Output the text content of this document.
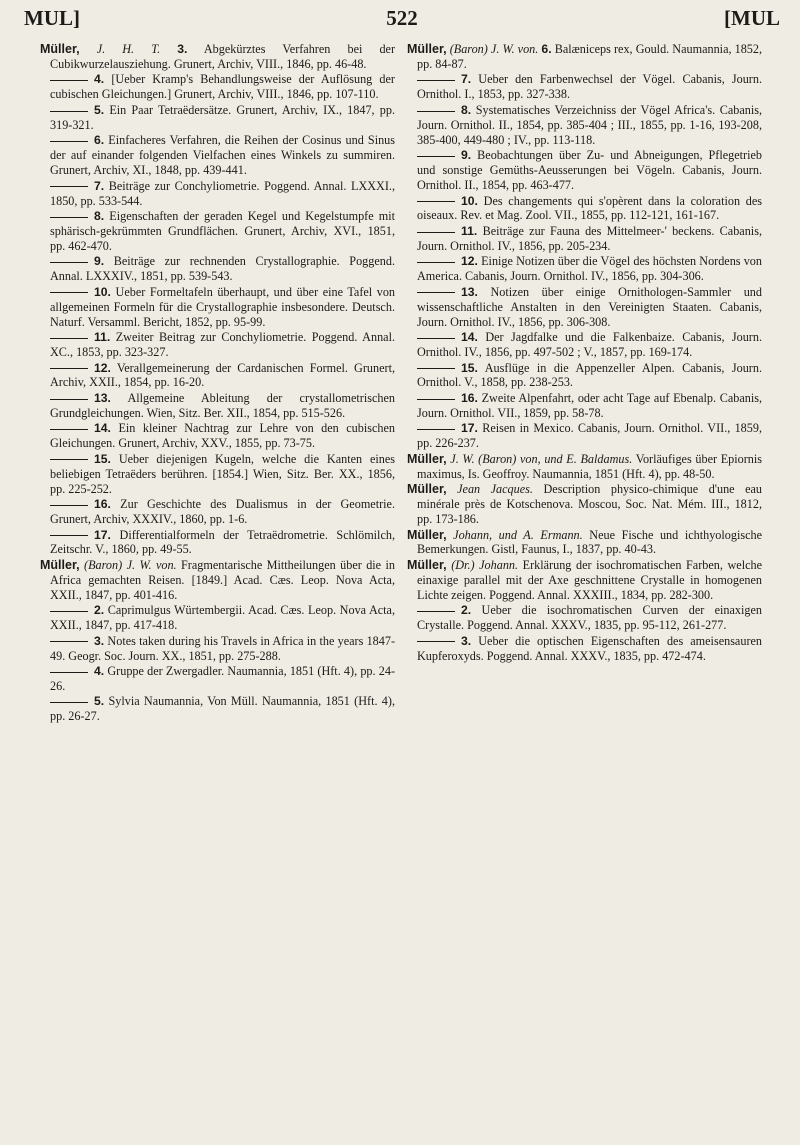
MUL]	522	[MUL
Müller, J. H. T. 3. Abgekürztes Verfahren bei der Cubikwurzelausziehung. Grunert, Archiv, VIII., 1846, pp. 46-48.
4. [Ueber Kramp's Behandlungsweise der Auflösung der cubischen Gleichungen.] Grunert, Archiv, VIII., 1846, pp. 107-110.
5. Ein Paar Tetraëdersätze. Grunert, Archiv, IX., 1847, pp. 319-321.
6. Einfacheres Verfahren, die Reihen der Cosinus und Sinus der auf einander folgenden Vielfachen eines Winkels zu summiren. Grunert, Archiv, XI., 1848, pp. 439-441.
7. Beiträge zur Conchyliometrie. Poggend. Annal. LXXXI., 1850, pp. 533-544.
8. Eigenschaften der geraden Kegel und Kegelstumpfe mit sphärisch-gekrümmten Grundflächen. Grunert, Archiv, XVI., 1851, pp. 462-470.
9. Beiträge zur rechnenden Crystallographie. Poggend. Annal. LXXXIV., 1851, pp. 539-543.
10. Ueber Formeltafeln überhaupt, und über eine Tafel von allgemeinen Formeln für die Crystallographie insbesondere. Deutsch. Naturf. Versamml. Bericht, 1852, pp. 95-99.
11. Zweiter Beitrag zur Conchyliometrie. Poggend. Annal. XC., 1853, pp. 323-327.
12. Verallgemeinerung der Cardanischen Formel. Grunert, Archiv, XXII., 1854, pp. 16-20.
13. Allgemeine Ableitung der crystallometrischen Grundgleichungen. Wien, Sitz. Ber. XII., 1854, pp. 515-526.
14. Ein kleiner Nachtrag zur Lehre von den cubischen Gleichungen. Grunert, Archiv, XXV., 1855, pp. 73-75.
15. Ueber diejenigen Kugeln, welche die Kanten eines beliebigen Tetraëders berühren. [1854.] Wien, Sitz. Ber. XX., 1856, pp. 225-252.
16. Zur Geschichte des Dualismus in der Geometrie. Grunert, Archiv, XXXIV., 1860, pp. 1-6.
17. Differentialformeln der Tetraëdrometrie. Schlömilch, Zeitschr. V., 1860, pp. 49-55.
Müller, (Baron) J. W. von. Fragmentarische Mittheilungen über die in Africa gemachten Reisen. [1849.] Acad. Cæs. Leop. Nova Acta, XXII., 1847, pp. 401-416.
2. Caprimulgus Würtembergii. Acad. Cæs. Leop. Nova Acta, XXII., 1847, pp. 417-418.
3. Notes taken during his Travels in Africa in the years 1847-49. Geogr. Soc. Journ. XX., 1851, pp. 275-288.
4. Gruppe der Zwergadler. Naumannia, 1851 (Hft. 4), pp. 24-26.
5. Sylvia Naumannia, Von Müll. Naumannia, 1851 (Hft. 4), pp. 26-27.
Müller, (Baron) J. W. von. 6. Balæniceps rex, Gould. Naumannia, 1852, pp. 84-87.
7. Ueber den Farbenwechsel der Vögel. Cabanis, Journ. Ornithol. I., 1853, pp. 327-338.
8. Systematisches Verzeichniss der Vögel Africa's. Cabanis, Journ. Ornithol. II., 1854, pp. 385-404 ; III., 1855, pp. 1-16, 193-208, 385-400, 449-480 ; IV., pp. 113-118.
9. Beobachtungen über Zu- und Abneigungen, Pflegetrieb und sonstige Gemüths-Aeusserungen bei Vögeln. Cabanis, Journ. Ornithol. II., 1854, pp. 463-477.
10. Des changements qui s'opèrent dans la coloration des oiseaux. Rev. et Mag. Zool. VII., 1855, pp. 112-121, 161-167.
11. Beiträge zur Fauna des Mittelmeer-' beckens. Cabanis, Journ. Ornithol. IV., 1856, pp. 205-234.
12. Einige Notizen über die Vögel des höchsten Nordens von America. Cabanis, Journ. Ornithol. IV., 1856, pp. 304-306.
13. Notizen über einige Ornithologen-Sammler und wissenschaftliche Anstalten in den Vereinigten Staaten. Cabanis, Journ. Ornithol. IV., 1856, pp. 306-308.
14. Der Jagdfalke und die Falkenbaize. Cabanis, Journ. Ornithol. IV., 1856, pp. 497-502 ; V., 1857, pp. 169-174.
15. Ausflüge in die Appenzeller Alpen. Cabanis, Journ. Ornithol. V., 1858, pp. 238-253.
16. Zweite Alpenfahrt, oder acht Tage auf Ebenalp. Cabanis, Journ. Ornithol. VII., 1859, pp. 58-78.
17. Reisen in Mexico. Cabanis, Journ. Ornithol. VII., 1859, pp. 226-237.
Müller, J. W. (Baron) von, und E. Baldamus. Vorläufiges über Epiornis maximus, Is. Geoffroy. Naumannia, 1851 (Hft. 4), pp. 48-50.
Müller, Jean Jacques. Description physico-chimique d'une eau minérale près de Kotschenova. Moscou, Soc. Nat. Mém. III., 1812, pp. 173-186.
Müller, Johann, und A. Ermann. Neue Fische und ichthyologische Bemerkungen. Gistl, Faunus, I., 1837, pp. 40-43.
Müller, (Dr.) Johann. Erklärung der isochromatischen Farben, welche einaxige parallel mit der Axe geschnittene Crystalle in homogenen Lichte zeigen. Poggend. Annal. XXXIII., 1834, pp. 282-300.
2. Ueber die isochromatischen Curven der einaxigen Crystalle. Poggend. Annal. XXXV., 1835, pp. 95-112, 261-277.
3. Ueber die optischen Eigenschaften des ameisensauren Kupferoxyds. Poggend. Annal. XXXV., 1835, pp. 472-474.
